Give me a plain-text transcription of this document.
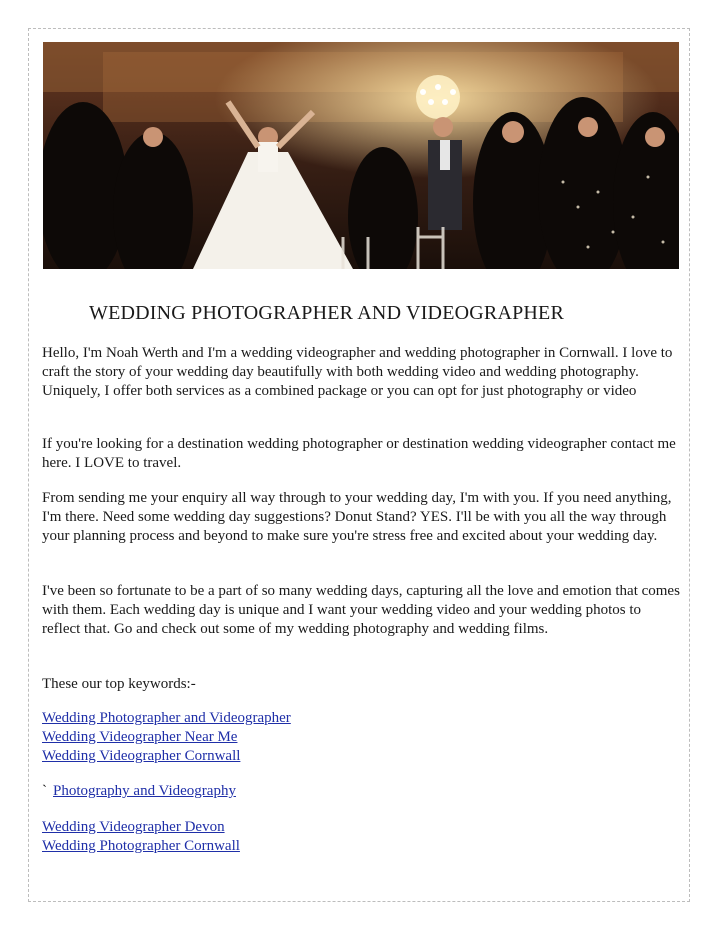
WEDDING PHOTOGRAPHER AND VIDEOGRAPHER
Hello, I'm Noah Werth and I'm a wedding videographer and wedding photographer in Cornwall. I love to craft the story of your wedding day beautifully with both wedding video and wedding photography. Uniquely, I offer both services as a combined package or you can opt for just photography or video
If you're looking for a destination wedding photographer or destination wedding videographer contact me here. I LOVE to travel.
From sending me your enquiry all way through to your wedding day, I'm with you. If you need anything, I'm there. Need some wedding day suggestions? Donut Stand? YES. I'll be with you all the way through your planning process and beyond to make sure you're stress free and excited about your wedding day.
I've been so fortunate to be a part of so many wedding days, capturing all the love and emotion that comes with them. Each wedding day is unique and I want your wedding video and your wedding photos to reflect that. Go and check out some of my wedding photography and wedding films.
These our top keywords:-
Wedding Photographer and Videographer
Wedding Videographer Near Me
Wedding Videographer Cornwall
` Photography and Videography
Wedding Videographer Devon
Wedding Photographer Cornwall
